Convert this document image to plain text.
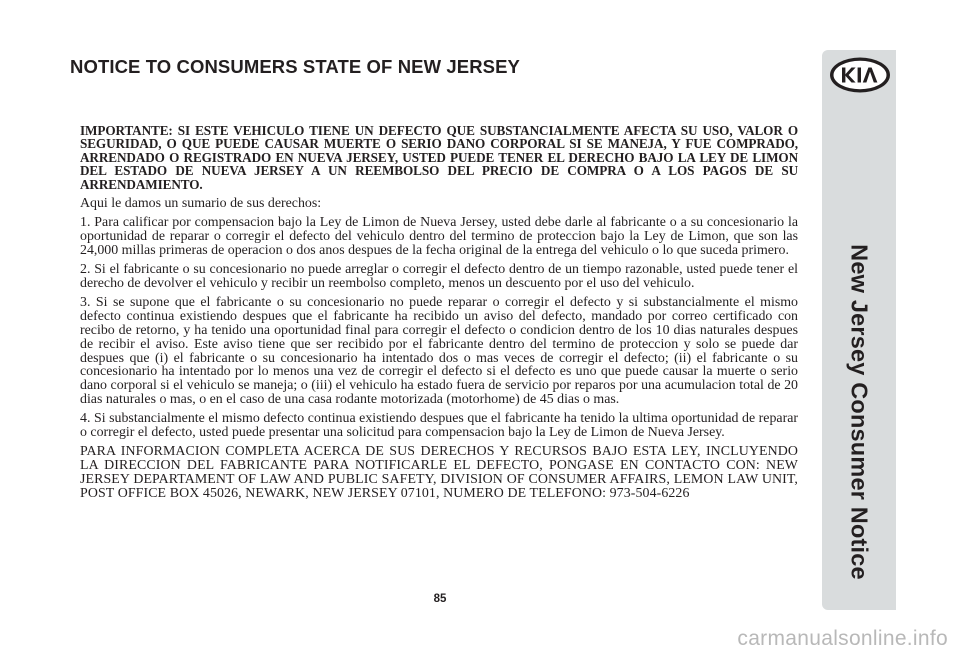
NOTICE TO CONSUMERS STATE OF NEW JERSEY

IMPORTANTE: SI ESTE VEHICULO TIENE UN DEFECTO QUE SUBSTANCIALMENTE AFECTA SU USO, VALOR O SEGURIDAD, O QUE PUEDE CAUSAR MUERTE O SERIO DANO CORPORAL SI SE MANEJA, Y FUE COMPRADO, ARRENDADO O REGISTRADO EN NUEVA JERSEY, USTED PUEDE TENER EL DERECHO BAJO LA LEY DE LIMON DEL ESTADO DE NUEVA JERSEY A UN REEMBOLSO DEL PRECIO DE COMPRA O A LOS PAGOS DE SU ARRENDAMIENTO.

Aqui le damos un sumario de sus derechos:

1. Para calificar por compensacion bajo la Ley de Limon de Nueva Jersey, usted debe darle al fabricante o a su concesionario la oportunidad de reparar o corregir el defecto del vehiculo dentro del termino de proteccion bajo la Ley de Limon, que son las 24,000 millas primeras de operacion o dos anos despues de la fecha original de la entrega del vehiculo o lo que suceda primero.

2. Si el fabricante o su concesionario no puede arreglar o corregir el defecto dentro de un tiempo razonable, usted puede tener el derecho de devolver el vehiculo y recibir un reembolso completo, menos un descuento por el uso del vehiculo.

3. Si se supone que el fabricante o su concesionario no puede reparar o corregir el defecto y si substancialmente el mismo defecto continua existiendo despues que el fabricante ha recibido un aviso del defecto, mandado por correo certificado con recibo de retorno, y ha tenido una oportunidad final para corregir el defecto o condicion dentro de los 10 dias naturales despues de recibir el aviso. Este aviso tiene que ser recibido por el fabricante dentro del termino de proteccion y solo se puede dar despues que (i) el fabricante o su concesionario ha intentado dos o mas veces de corregir el defecto; (ii) el fabricante o su concesionario ha intentado por lo menos una vez de corregir el defecto si el defecto es uno que puede causar la muerte o serio dano corporal si el vehiculo se maneja; o (iii) el vehiculo ha estado fuera de servicio por reparos por una acumulacion total de 20 dias naturales o mas, o en el caso de una casa rodante motorizada (motorhome) de 45 dias o mas.

4. Si substancialmente el mismo defecto continua existiendo despues que el fabricante ha tenido la ultima oportunidad de reparar o corregir el defecto, usted puede presentar una solicitud para compensacion bajo la Ley de Limon de Nueva Jersey.

PARA INFORMACION COMPLETA ACERCA DE SUS DERECHOS Y RECURSOS BAJO ESTA LEY, INCLUYENDO LA DIRECCION DEL FABRICANTE PARA NOTIFICARLE EL DEFECTO, PONGASE EN CONTACTO CON: NEW JERSEY DEPARTAMENT OF LAW AND PUBLIC SAFETY, DIVISION OF CONSUMER AFFAIRS, LEMON LAW UNIT, POST OFFICE BOX 45026, NEWARK, NEW JERSEY 07101, NUMERO DE TELEFONO: 973-504-6226

85
New Jersey Consumer Notice
carmanualsonline.info
